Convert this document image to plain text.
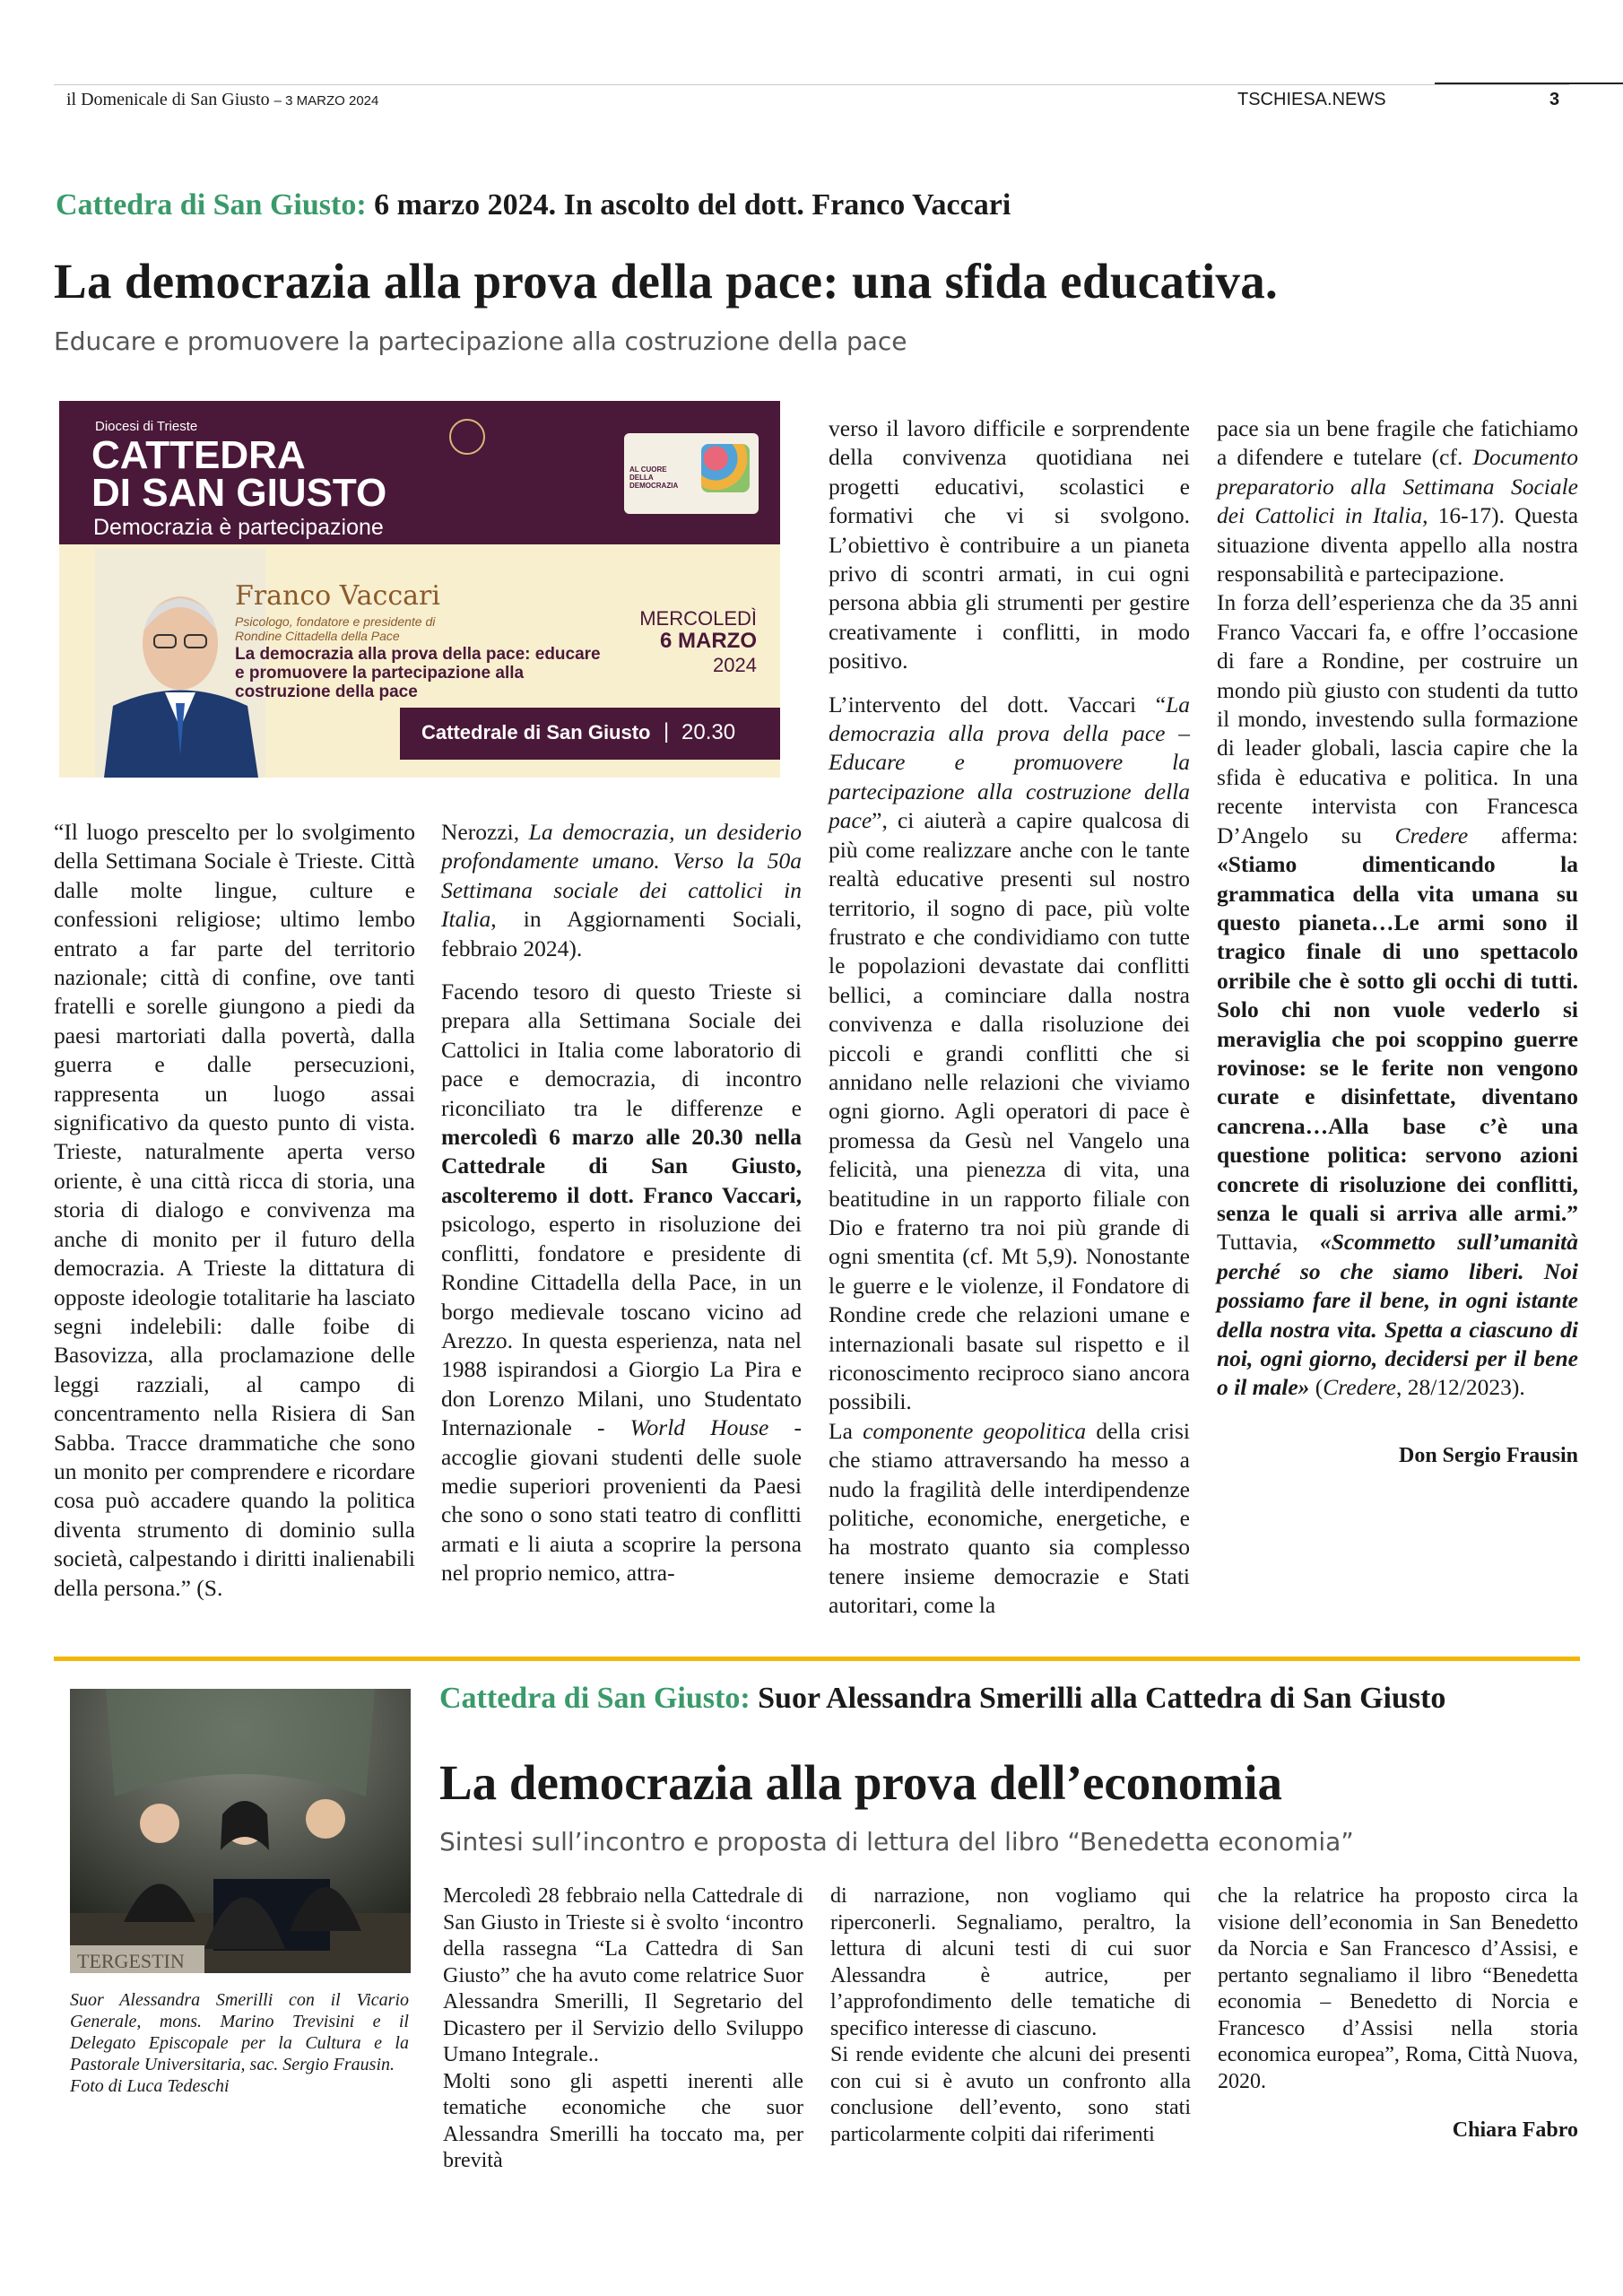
il Domenicale di San Giusto – 3 MARZO 2024	TSCHIESA.NEWS	3
Cattedra di San Giusto: 6 marzo 2024. In ascolto del dott. Franco Vaccari
La democrazia alla prova della pace: una sfida educativa.
Educare e promuovere la partecipazione alla costruzione della pace
Diocesi di Trieste
CATTEDRA
DI SAN GIUSTO
Democrazia è partecipazione
AL CUORE DELLA DEMOCRAZIA
Franco Vaccari
Psicologo, fondatore e presidente di Rondine Cittadella della Pace
La democrazia alla prova della pace: educare e promuovere la partecipazione alla costruzione della pace
MERCOLEDÌ
6 MARZO
2024
Cattedrale di San Giusto | 20.30

“Il luogo prescelto per lo svolgimento della Settimana Sociale è Trieste. Città dalle molte lingue, culture e confessioni religiose; ultimo lembo entrato a far parte del territorio nazionale; città di confine, ove tanti fratelli e sorelle giungono a piedi da paesi martoriati dalla povertà, dalla guerra e dalle persecuzioni, rappresenta un luogo assai significativo da questo punto di vista. Trieste, naturalmente aperta verso oriente, è una città ricca di storia, una storia di dialogo e convivenza ma anche di monito per il futuro della democrazia. A Trieste la dittatura di opposte ideologie totalitarie ha lasciato segni indelebili: dalle foibe di Basovizza, alla proclamazione delle leggi razziali, al campo di concentramento nella Risiera di San Sabba. Tracce drammatiche che sono un monito per comprendere e ricordare cosa può accadere quando la politica diventa strumento di dominio sulla società, calpestando i diritti inalienabili della persona.” (S.

Nerozzi, La democrazia, un desiderio profondamente umano. Verso la 50a Settimana sociale dei cattolici in Italia, in Aggiornamenti Sociali, febbraio 2024).

Facendo tesoro di questo Trieste si prepara alla Settimana Sociale dei Cattolici in Italia come laboratorio di pace e democrazia, di incontro riconciliato tra le differenze e mercoledì 6 marzo alle 20.30 nella Cattedrale di San Giusto, ascolteremo il dott. Franco Vaccari, psicologo, esperto in risoluzione dei conflitti, fondatore e presidente di Rondine Cittadella della Pace, in un borgo medievale toscano vicino ad Arezzo. In questa esperienza, nata nel 1988 ispirandosi a Giorgio La Pira e don Lorenzo Milani, uno Studentato Internazionale - World House - accoglie giovani studenti delle suole medie superiori provenienti da Paesi che sono o sono stati teatro di conflitti armati e li aiuta a scoprire la persona nel proprio nemico, attra-

verso il lavoro difficile e sorprendente della convivenza quotidiana nei progetti educativi, scolastici e formativi che vi si svolgono. L’obiettivo è contribuire a un pianeta privo di scontri armati, in cui ogni persona abbia gli strumenti per gestire creativamente i conflitti, in modo positivo.

L’intervento del dott. Vaccari “La democrazia alla prova della pace – Educare e promuovere la partecipazione alla costruzione della pace”, ci aiuterà a capire qualcosa di più come realizzare anche con le tante realtà educative presenti sul nostro territorio, il sogno di pace, più volte frustrato e che condividiamo con tutte le popolazioni devastate dai conflitti bellici, a cominciare dalla nostra convivenza e dalla risoluzione dei piccoli e grandi conflitti che si annidano nelle relazioni che viviamo ogni giorno. Agli operatori di pace è promessa da Gesù nel Vangelo una felicità, una pienezza di vita, una beatitudine in un rapporto filiale con Dio e fraterno tra noi più grande di ogni smentita (cf. Mt 5,9). Nonostante le guerre e le violenze, il Fondatore di Rondine crede che relazioni umane e internazionali basate sul rispetto e il riconoscimento reciproco siano ancora possibili.

La componente geopolitica della crisi che stiamo attraversando ha messo a nudo la fragilità delle interdipendenze politiche, economiche, energetiche, e ha mostrato quanto sia complesso tenere insieme democrazie e Stati autoritari, come la

pace sia un bene fragile che fatichiamo a difendere e tutelare (cf. Documento preparatorio alla Settimana Sociale dei Cattolici in Italia, 16-17). Questa situazione diventa appello alla nostra responsabilità e partecipazione.

In forza dell’esperienza che da 35 anni Franco Vaccari fa, e offre l’occasione di fare a Rondine, per costruire un mondo più giusto con studenti da tutto il mondo, investendo sulla formazione di leader globali, lascia capire che la sfida è educativa e politica. In una recente intervista con Francesca D’Angelo su Credere afferma: «Stiamo dimenticando la grammatica della vita umana su questo pianeta…Le armi sono il tragico finale di uno spettacolo orribile che è sotto gli occhi di tutti. Solo chi non vuole vederlo si meraviglia che poi scoppino guerre rovinose: se le ferite non vengono curate e disinfettate, diventano cancrena…Alla base c’è una questione politica: servono azioni concrete di risoluzione dei conflitti, senza le quali si arriva alle armi.” Tuttavia, «Scommetto sull’umanità perché so che siamo liberi. Noi possiamo fare il bene, in ogni istante della nostra vita. Spetta a ciascuno di noi, ogni giorno, decidersi per il bene o il male» (Credere, 28/12/2023).

Don Sergio Frausin
TERGESTIN
Suor Alessandra Smerilli con il Vicario Generale, mons. Marino Trevisini e il Delegato Episcopale per la Cultura e la Pastorale Universitaria, sac. Sergio Frausin.
Foto di Luca Tedeschi
Cattedra di San Giusto: Suor Alessandra Smerilli alla Cattedra di San Giusto
La democrazia alla prova dell’economia
Sintesi sull’incontro e proposta di lettura del libro “Benedetta economia”

Mercoledì 28 febbraio nella Cattedrale di San Giusto in Trieste si è svolto ‘incontro della rassegna “La Cattedra di San Giusto” che ha avuto come relatrice Suor Alessandra Smerilli, Il Segretario del Dicastero per il Servizio dello Sviluppo Umano Integrale..

Molti sono gli aspetti inerenti alle tematiche economiche che suor Alessandra Smerilli ha toccato ma, per brevità

di narrazione, non vogliamo qui riperconerli. Segnaliamo, peraltro, la lettura di alcuni testi di cui suor Alessandra è autrice, per l’approfondimento delle tematiche di specifico interesse di ciascuno.

Si rende evidente che alcuni dei presenti con cui si è avuto un confronto alla conclusione dell’evento, sono stati particolarmente colpiti dai riferimenti

che la relatrice ha proposto circa la visione dell’economia in San Benedetto da Norcia e San Francesco d’Assisi, e pertanto segnaliamo il libro “Benedetta economia – Benedetto di Norcia e Francesco d’Assisi nella storia economica europea”, Roma, Città Nuova, 2020.

Chiara Fabro
